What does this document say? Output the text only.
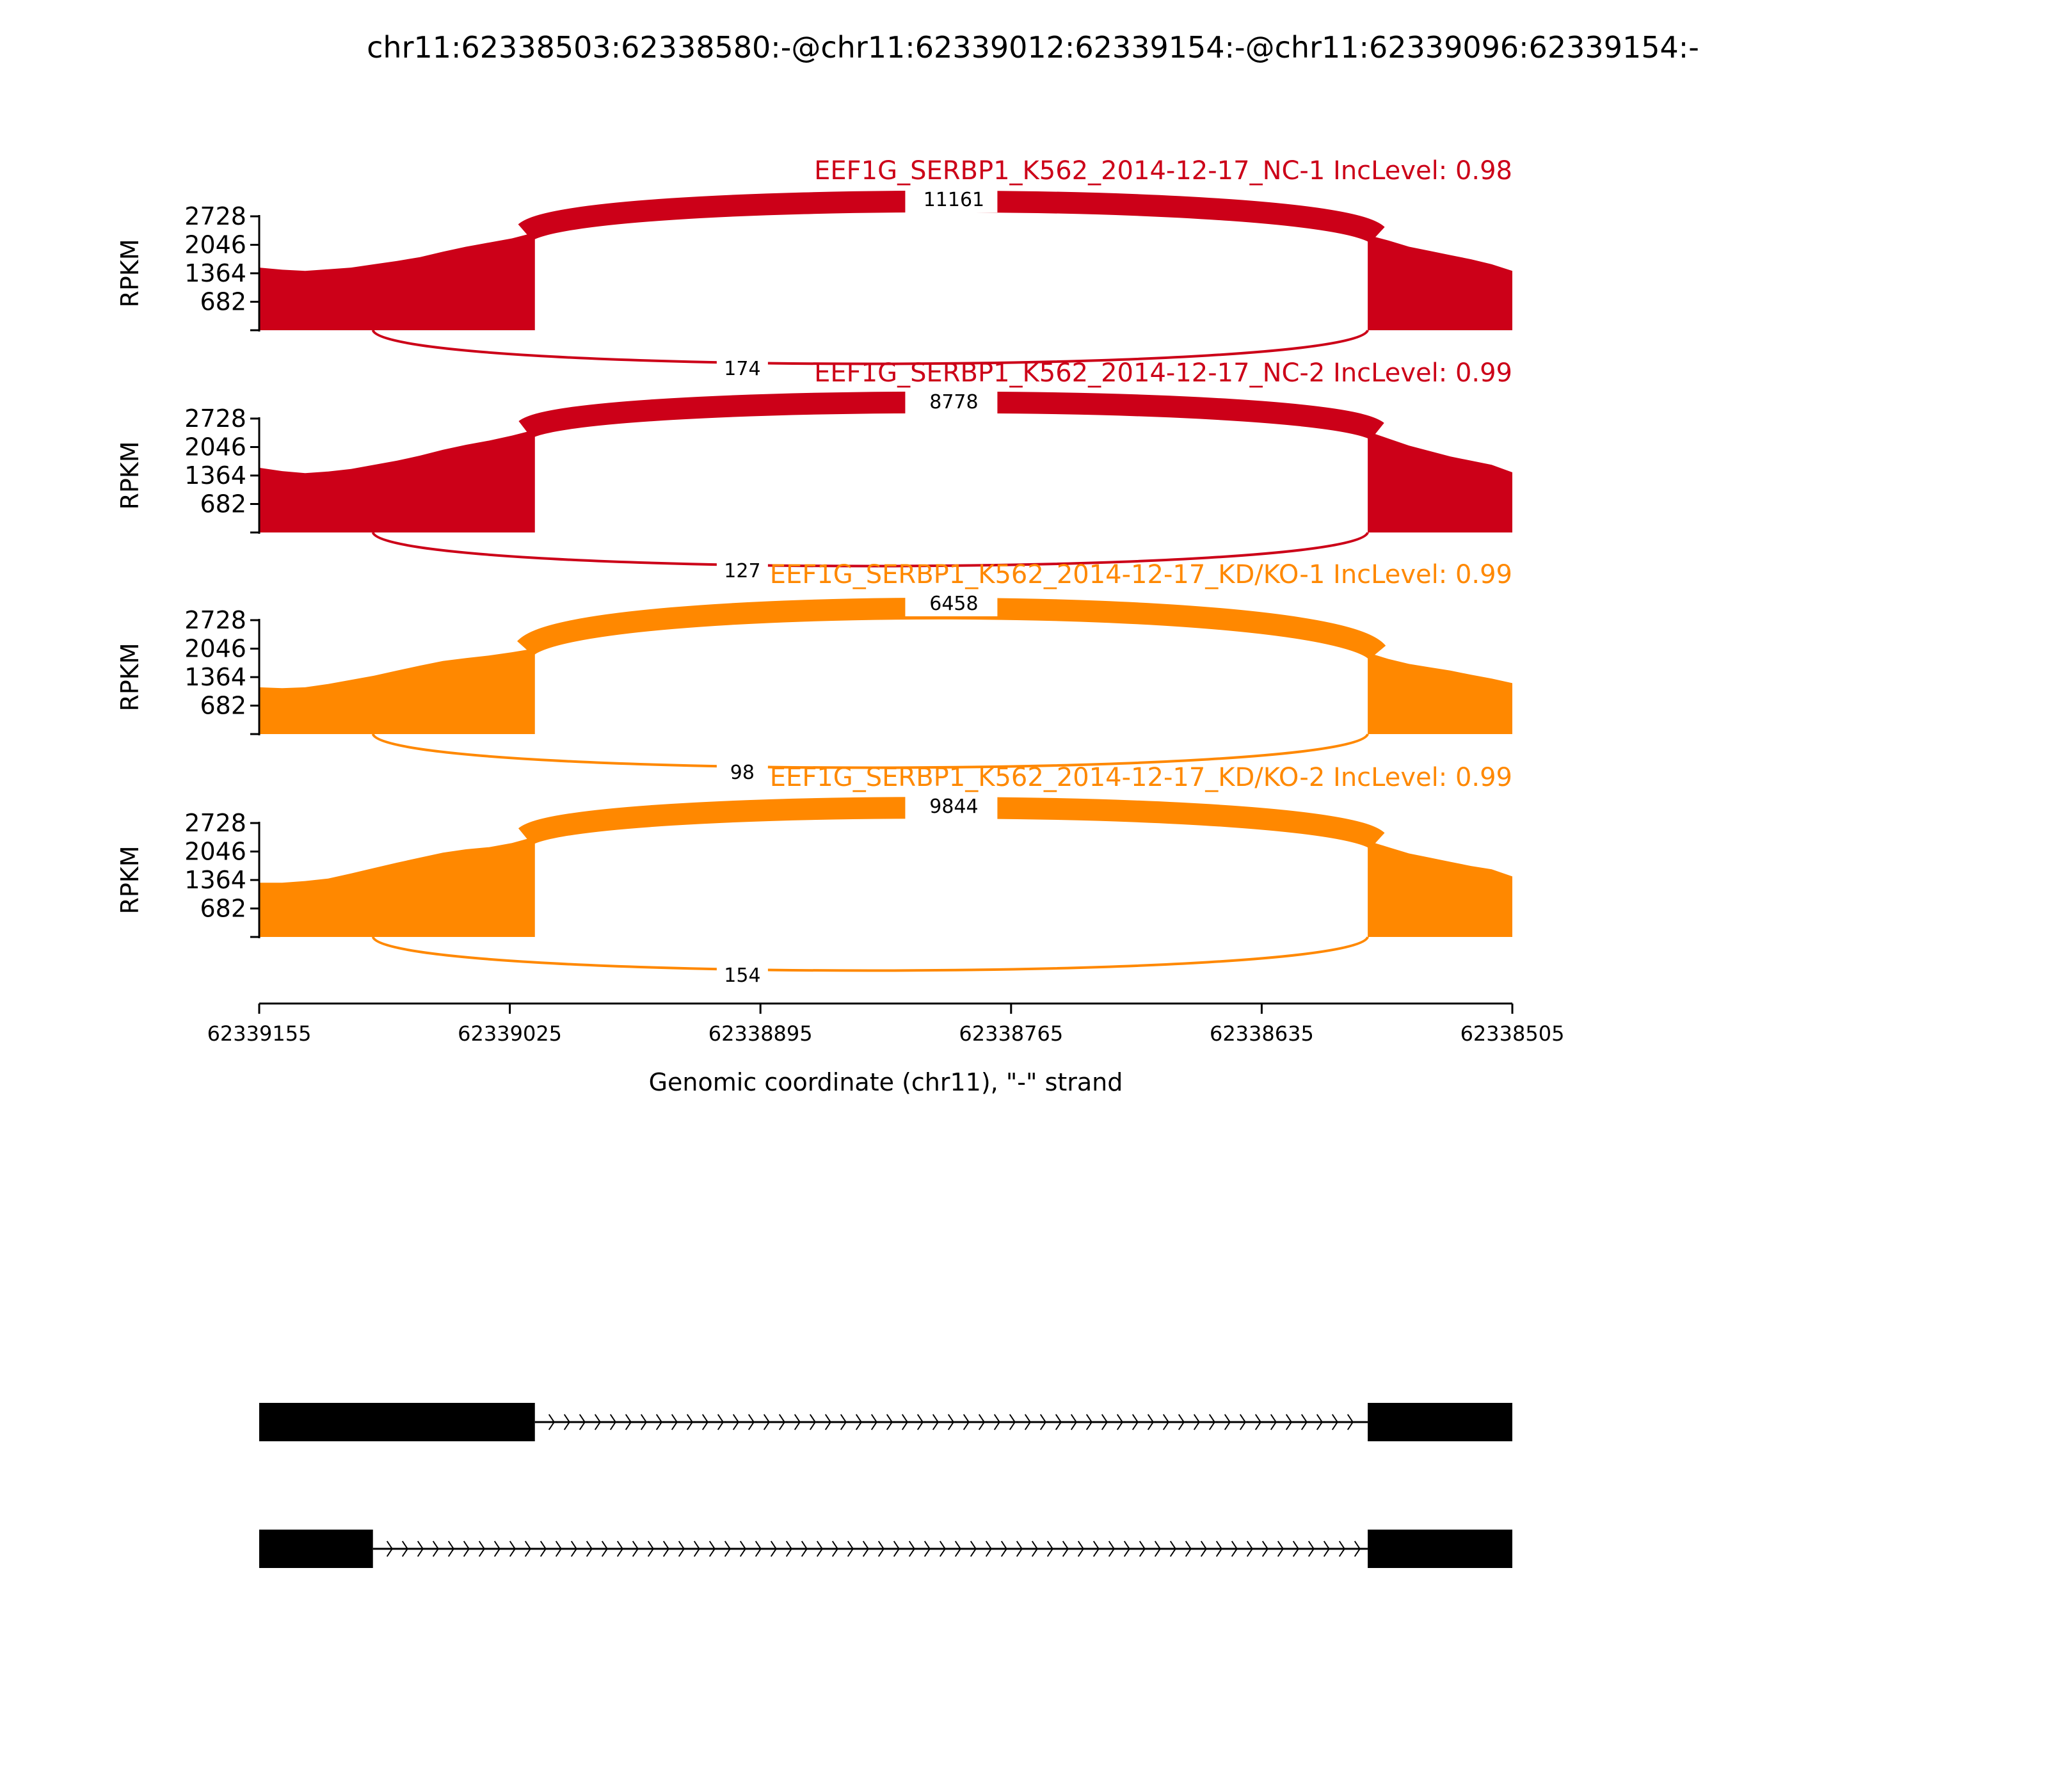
chr11:62338503:62338580:-@chr11:62339012:62339154:-@chr11:62339096:62339154:-
11161
174
EEF1G_SERBP1_K562_2014-12-17_NC-1 IncLevel: 0.98
682
1364
2046
2728
RPKM
8778
127
EEF1G_SERBP1_K562_2014-12-17_NC-2 IncLevel: 0.99
682
1364
2046
2728
RPKM
6458
98
EEF1G_SERBP1_K562_2014-12-17_KD/KO-1 IncLevel: 0.99
682
1364
2046
2728
RPKM
9844
154
EEF1G_SERBP1_K562_2014-12-17_KD/KO-2 IncLevel: 0.99
682
1364
2046
2728
RPKM
62339155	62339025	62338895	62338765	62338635	62338505
Genomic coordinate (chr11), "-" strand
